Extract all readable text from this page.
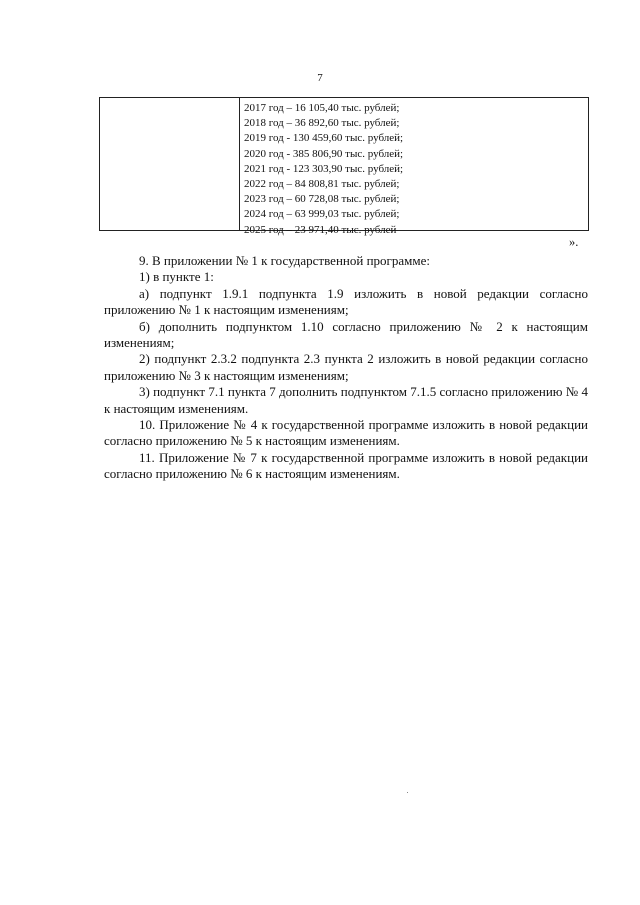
7
2017 год – 16 105,40 тыс. рублей;
2018 год – 36 892,60 тыс. рублей;
2019 год - 130 459,60 тыс. рублей;
2020 год - 385 806,90 тыс. рублей;
2021 год - 123 303,90 тыс. рублей;
2022 год – 84 808,81 тыс. рублей;
2023 год – 60 728,08 тыс. рублей;
2024 год – 63 999,03 тыс. рублей;
2025 год – 23 971,40 тыс. рублей
».

9. В приложении № 1 к государственной программе:

1) в пункте 1:

а) подпункт 1.9.1 подпункта 1.9 изложить в новой редакции согласно приложению № 1 к настоящим изменениям;

б) дополнить подпунктом 1.10 согласно приложению № 2 к настоящим изменениям;

2) подпункт 2.3.2 подпункта 2.3 пункта 2 изложить в новой редакции согласно приложению № 3 к настоящим изменениям;

3) подпункт 7.1 пункта 7 дополнить подпунктом 7.1.5 согласно приложению № 4 к настоящим изменениям.

10. Приложение № 4 к государственной программе изложить в новой редакции согласно приложению № 5 к настоящим изменениям.

11. Приложение № 7 к государственной программе изложить в новой редакции согласно приложению № 6 к настоящим изменениям.
